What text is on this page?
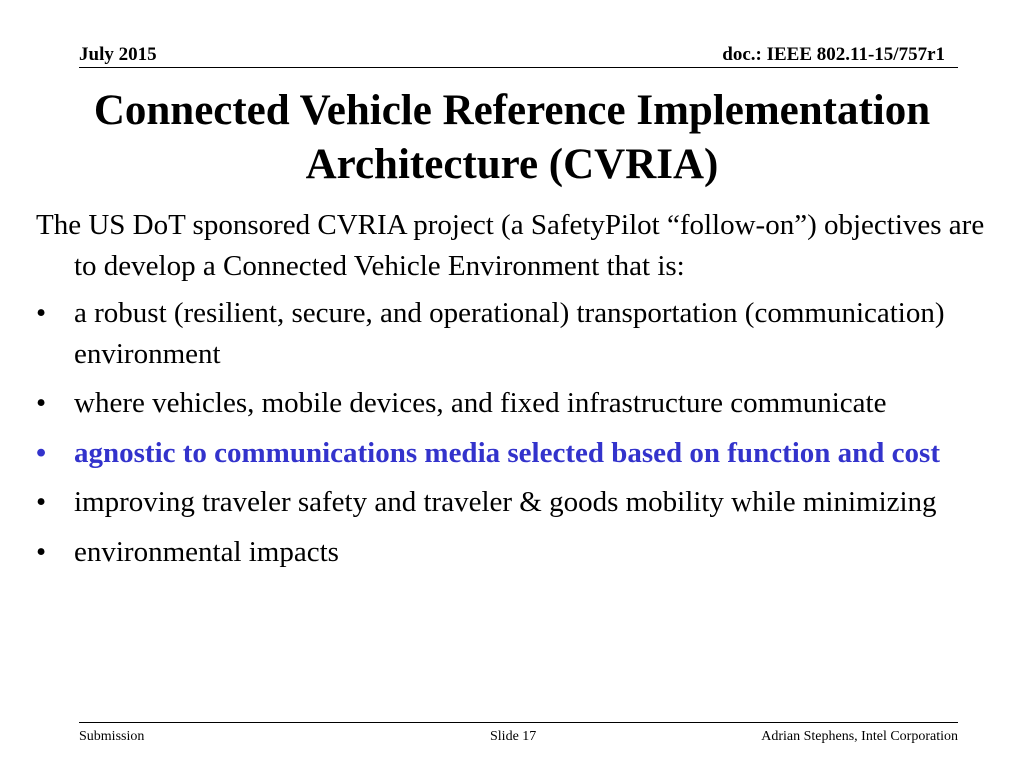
July 2015	doc.: IEEE 802.11-15/757r1
Connected Vehicle Reference Implementation Architecture (CVRIA)

The US DoT sponsored CVRIA project (a SafetyPilot “follow-on”) objectives are to develop a Connected Vehicle Environment that is:

• a robust (resilient, secure, and operational) transportation (communication) environment
• where vehicles, mobile devices, and fixed infrastructure communicate
• agnostic to communications media selected based on function and cost
• improving traveler safety and traveler & goods mobility while minimizing
• environmental impacts
Submission	Slide 17	Adrian Stephens, Intel Corporation
